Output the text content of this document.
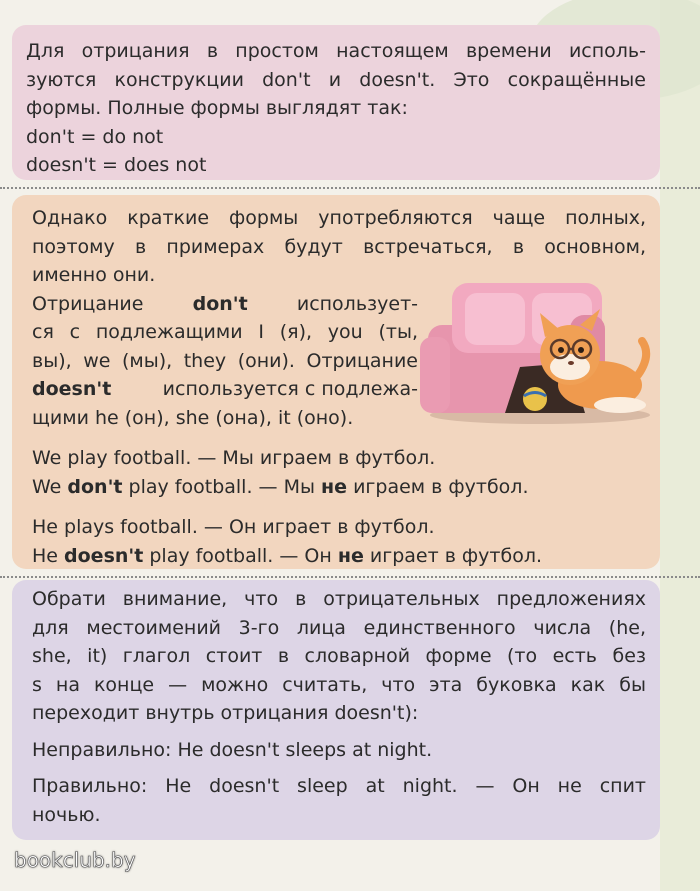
Для отрицания в простом настоящем времени исполь-

зуются конструкции don't и doesn't. Это сокращённые

формы. Полные формы выглядят так:

don't = do not

doesn't = does not

Однако краткие формы употребляются чаще полных,

поэтому в примерах будут встречаться, в основном,

именно они.

Отрицание	don't	использует-

ся с подлежащими I (я), you (ты,

вы), we (мы), they (они). Отрицание

doesn't	используется с подлежа-

щими he (он), she (она), it (оно).

We play football. — Мы играем в футбол.

We don't play football. — Мы не играем в футбол.

He plays football. — Он играет в футбол.

He doesn't play football. — Он не играет в футбол.

Обрати внимание, что в отрицательных предложениях

для местоимений 3-го лица единственного числа (he,

she, it) глагол стоит в словарной форме (то есть без

s на конце — можно считать, что эта буковка как бы

переходит внутрь отрицания doesn't):

Неправильно: He doesn't sleeps at night.

Правильно: He doesn't sleep at night. — Он не спит

ночью.

bookclub.by
